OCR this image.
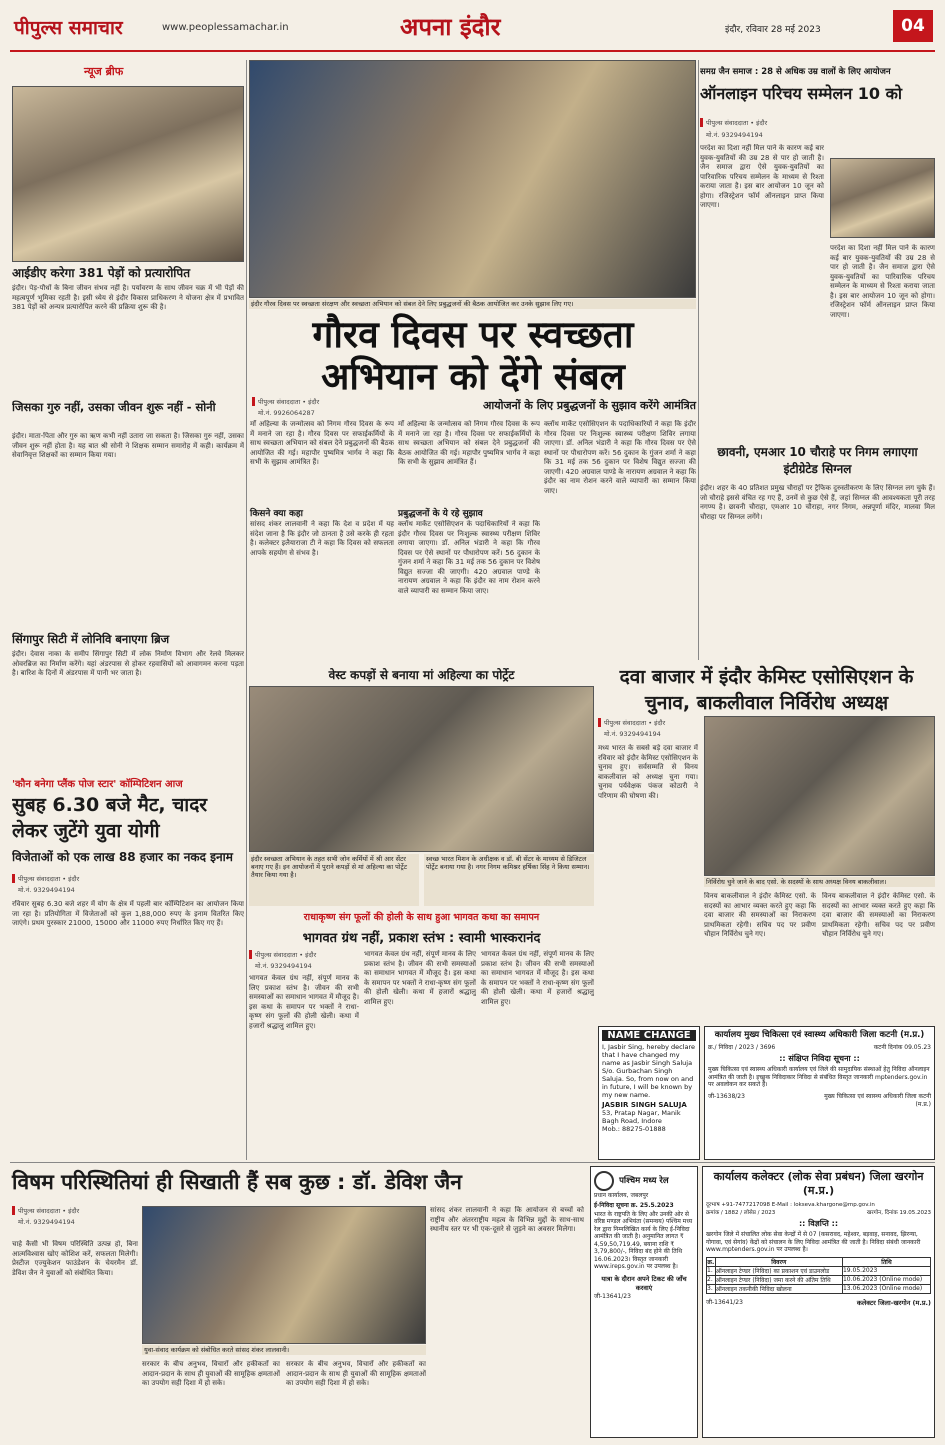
पीपुल्स समाचार	www.peoplessamachar.in	अपना इंदौर	इंदौर, रविवार 28 मई 2023	04
न्यूज ब्रीफ
आईडीए करेगा 381 पेड़ों को प्रत्यारोपित
इंदौर। पेड़-पौधों के बिना जीवन संभव नहीं है। पर्यावरण के साथ जीवन चक्र में भी पेड़ों की महत्वपूर्ण भूमिका रहती है। इसी ध्येय से इंदौर विकास प्राधिकरण ने योजना क्षेत्र में प्रभावित 381 पेड़ों को अन्यत्र प्रत्यारोपित करने की प्रक्रिया शुरू की है।
जिसका गुरु नहीं, उसका जीवन शुरू नहीं - सोनी
इंदौर। माता-पिता और गुरु का ऋण कभी नहीं उतारा जा सकता है। जिसका गुरु नहीं, उसका जीवन शुरू नहीं होता है। यह बात श्री सोनी ने शिक्षक सम्मान समारोह में कही। कार्यक्रम में सेवानिवृत्त शिक्षकों का सम्मान किया गया।
सिंगापुर सिटी में लोनिवि बनाएगा ब्रिज
इंदौर। देवास नाका के समीप सिंगापुर सिटी में लोक निर्माण विभाग और रेलवे मिलकर ओवरब्रिज का निर्माण करेंगे। यहां अंडरपास से होकर रहवासियों को आवागमन करना पड़ता है। बारिश के दिनों में अंडरपास में पानी भर जाता है।
'कौन बनेगा प्लैंक पोज स्टार' कॉम्पिटिशन आज
सुबह 6.30 बजे मैट, चादर लेकर जुटेंगे युवा योगी
विजेताओं को एक लाख 88 हजार का नकद इनाम
पीपुल्स संवाददाता • इंदौर
मो.नं. 9329494194
रविवार सुबह 6.30 बजे शहर में योग के क्षेत्र में पहली बार कॉम्पिटिशन का आयोजन किया जा रहा है। प्रतियोगिता में विजेताओं को कुल 1,88,000 रुपए के इनाम वितरित किए जाएंगे। प्रथम पुरस्कार 21000, 15000 और 11000 रुपए निर्धारित किए गए हैं।
इंदौर गौरव दिवस पर स्वच्छता संरक्षण और स्वच्छता अभियान को संबल देने लिए प्रबुद्धजनों की बैठक आयोजित कर उनके सुझाव लिए गए।
गौरव दिवस पर स्वच्छता अभियान को देंगे संबल
पीपुल्स संवाददाता • इंदौर
मो.नं. 9926064287
आयोजनों के लिए प्रबुद्धजनों के सुझाव करेंगे आमंत्रित
माँ अहिल्या के जन्मोत्सव को निगम गौरव दिवस के रूप में मनाने जा रहा है। गौरव दिवस पर सफाईकर्मियों के साथ स्वच्छता अभियान को संबल देने प्रबुद्धजनों की बैठक आयोजित की गई। महापौर पुष्यमित्र भार्गव ने कहा कि सभी के सुझाव आमंत्रित हैं।
किसने क्या कहा
सांसद शंकर लालवानी ने कहा कि देश व प्रदेश में यह संदेश जाना है कि इंदौर जो ठानता है उसे करके ही रहता है। कलेक्टर इलैयाराजा टी ने कहा कि दिवस को सफलता आपके सहयोग से संभव है।
माँ अहिल्या के जन्मोत्सव को निगम गौरव दिवस के रूप में मनाने जा रहा है। गौरव दिवस पर सफाईकर्मियों के साथ स्वच्छता अभियान को संबल देने प्रबुद्धजनों की बैठक आयोजित की गई। महापौर पुष्यमित्र भार्गव ने कहा कि सभी के सुझाव आमंत्रित हैं।
प्रबुद्धजनों के ये रहे सुझाव
क्लॉथ मार्केट एसोसिएशन के पदाधिकारियों ने कहा कि इंदौर गौरव दिवस पर निःशुल्क स्वास्थ्य परीक्षण शिविर लगाया जाएगा। डॉ. अनिल भंडारी ने कहा कि गौरव दिवस पर ऐसे स्थानों पर पौधारोपण करें। 56 दुकान के गुंजन शर्मा ने कहा कि 31 मई तक 56 दुकान पर विशेष विद्युत सज्जा की जाएगी। 420 अग्रवाल पाण्डे के नारायण अग्रवाल ने कहा कि इंदौर का नाम रोशन करने वाले व्यापारी का सम्मान किया जाए।
क्लॉथ मार्केट एसोसिएशन के पदाधिकारियों ने कहा कि इंदौर गौरव दिवस पर निःशुल्क स्वास्थ्य परीक्षण शिविर लगाया जाएगा। डॉ. अनिल भंडारी ने कहा कि गौरव दिवस पर ऐसे स्थानों पर पौधारोपण करें। 56 दुकान के गुंजन शर्मा ने कहा कि 31 मई तक 56 दुकान पर विशेष विद्युत सज्जा की जाएगी। 420 अग्रवाल पाण्डे के नारायण अग्रवाल ने कहा कि इंदौर का नाम रोशन करने वाले व्यापारी का सम्मान किया जाए।
समग्र जैन समाज : 28 से अधिक उम्र वालों के लिए आयोजन
ऑनलाइन परिचय सम्मेलन 10 को
पीपुल्स संवाददाता • इंदौर
मो.नं. 9329494194
परदेश का दिशा नहीं मिल पाने के कारण कई बार युवक-युवतियों की उम्र 28 से पार हो जाती है। जैन समाज द्वारा ऐसे युवक-युवतियों का पारिवारिक परिचय सम्मेलन के माध्यम से रिश्ता कराया जाता है। इस बार आयोजन 10 जून को होगा। रजिस्ट्रेशन फॉर्म ऑनलाइन प्राप्त किया जाएगा।
परदेश का दिशा नहीं मिल पाने के कारण कई बार युवक-युवतियों की उम्र 28 से पार हो जाती है। जैन समाज द्वारा ऐसे युवक-युवतियों का पारिवारिक परिचय सम्मेलन के माध्यम से रिश्ता कराया जाता है। इस बार आयोजन 10 जून को होगा। रजिस्ट्रेशन फॉर्म ऑनलाइन प्राप्त किया जाएगा।
छावनी, एमआर 10 चौराहे पर निगम लगाएगा इंटीग्रेटेड सिग्नल
इंदौर। शहर के 40 प्रतिशत प्रमुख चौराहों पर ट्रैफिक दुरुस्तीकरण के लिए सिग्नल लग चुके हैं। जो चौराहे इससे वंचित रह गए हैं, उनमें से कुछ ऐसे हैं, जहां सिग्नल की आवश्यकता पूरी तरह नगण्य है। छावनी चौराहा, एमआर 10 चौराहा, नगर निगम, अन्नपूर्णा मंदिर, मालवा मिल चौराहा पर सिग्नल लगेंगे।
वेस्ट कपड़ों से बनाया मां अहिल्या का पोर्ट्रेट
इंदौर स्वच्छता अभियान के तहत सभी जोन कर्मियों में श्री आर सेंटर बनाए गए हैं। इन आयोजनों में पुराने कपड़ों से मां अहिल्या का पोर्ट्रेट तैयार किया गया है।
स्वच्छ भारत मिशन के अधीक्षक व डॉ. बी सेंटर के माध्यम से डिजिटल पोर्ट्रेट बनाया गया है। नगर निगम कमिश्नर हर्षिका सिंह ने किया सम्मान।
दवा बाजार में इंदौर केमिस्ट एसोसिएशन के चुनाव, बाकलीवाल निर्विरोध अध्यक्ष
पीपुल्स संवाददाता • इंदौर
मो.नं. 9329494194
मध्य भारत के सबसे बड़े दवा बाजार में रविवार को इंदौर केमिस्ट एसोसिएशन के चुनाव हुए। सर्वसम्मति से विनय बाकलीवाल को अध्यक्ष चुना गया। चुनाव पर्यवेक्षक पंकज कोठारी ने परिणाम की घोषणा की।
निर्विरोध चुने जाने के बाद एसो. के सदस्यों के साथ अध्यक्ष विनय बाकलीवाल।
विनय बाकलीवाल ने इंदौर केमिस्ट एसो. के सदस्यों का आभार व्यक्त करते हुए कहा कि दवा बाजार की समस्याओं का निराकरण प्राथमिकता रहेगी। सचिव पद पर प्रवीण चौहान निर्विरोध चुने गए।
विनय बाकलीवाल ने इंदौर केमिस्ट एसो. के सदस्यों का आभार व्यक्त करते हुए कहा कि दवा बाजार की समस्याओं का निराकरण प्राथमिकता रहेगी। सचिव पद पर प्रवीण चौहान निर्विरोध चुने गए।
राधाकृष्ण संग फूलों की होली के साथ हुआ भागवत कथा का समापन
भागवत ग्रंथ नहीं, प्रकाश स्तंभ : स्वामी भास्करानंद
पीपुल्स संवाददाता • इंदौर
मो.नं. 9329494194
भागवत केवल ग्रंथ नहीं, संपूर्ण मानव के लिए प्रकाश स्तंभ है। जीवन की सभी समस्याओं का समाधान भागवत में मौजूद है। इस कथा के समापन पर भक्तों ने राधा-कृष्ण संग फूलों की होली खेली। कथा में हजारों श्रद्धालु शामिल हुए।
भागवत केवल ग्रंथ नहीं, संपूर्ण मानव के लिए प्रकाश स्तंभ है। जीवन की सभी समस्याओं का समाधान भागवत में मौजूद है। इस कथा के समापन पर भक्तों ने राधा-कृष्ण संग फूलों की होली खेली। कथा में हजारों श्रद्धालु शामिल हुए।
भागवत केवल ग्रंथ नहीं, संपूर्ण मानव के लिए प्रकाश स्तंभ है। जीवन की सभी समस्याओं का समाधान भागवत में मौजूद है। इस कथा के समापन पर भक्तों ने राधा-कृष्ण संग फूलों की होली खेली। कथा में हजारों श्रद्धालु शामिल हुए।
NAME CHANGE
I, Jasbir Sing, hereby declare that I have changed my name as Jasbir Singh Saluja S/o. Gurbachan Singh Saluja. So, from now on and in future, I will be known by my new name.
JASBIR SINGH SALUJA
53, Pratap Nagar, Manik Bagh Road, Indore
Mob.: 88275-01888
कार्यालय मुख्य चिकित्सा एवं स्वास्थ्य अधिकारी जिला कटनी (म.प्र.)
क्र./ निविदा / 2023 / 3696	कटनी दिनांक 09.05.23
:: संक्षिप्त निविदा सूचना ::
मुख्य चिकित्सा एवं स्वास्थ्य अधिकारी कार्यालय एवं जिले की सामुदायिक संस्थाओं हेतु निविदा ऑनलाइन आमंत्रित की जाती है। इच्छुक निविदाकार निविदा से संबंधित विस्तृत जानकारी mptenders.gov.in पर अवलोकन कर सकते हैं।
जी-13638/23	मुख्य चिकित्सा एवं स्वास्थ्य अधिकारी जिला कटनी (म.प्र.)
विषम परिस्थितियां ही सिखाती हैं सब कुछ : डॉ. डेविश जैन
पीपुल्स संवाददाता • इंदौर
मो.नं. 9329494194
चाहे कैसी भी विषम परिस्थिति उत्पन्न हो, बिना आत्मविश्वास खोए कोशिश करें, सफलता मिलेगी। प्रेस्टीज एज्युकेशन फाउंडेशन के चेयरमैन डॉ. डेविश जैन ने युवाओं को संबोधित किया।
युवा-संवाद कार्यक्रम को संबोधित करते सांसद शंकर लालवानी।
सरकार के बीच अनुभव, विचारों और हकीकतों का आदान-प्रदान के साथ ही युवाओं की सामूहिक क्षमताओं का उपयोग सही दिशा में हो सके।
सरकार के बीच अनुभव, विचारों और हकीकतों का आदान-प्रदान के साथ ही युवाओं की सामूहिक क्षमताओं का उपयोग सही दिशा में हो सके।
सांसद शंकर लालवानी ने कहा कि आयोजन से बच्चों को राष्ट्रीय और अंतरराष्ट्रीय महत्व के विभिन्न मुद्दों के साथ-साथ स्थानीय स्तर पर भी एक-दूसरे से जुड़ने का अवसर मिलेगा।
पश्चिम मध्य रेल
प्रधान कार्यालय, जबलपुर
ई-निविदा सूचना क्र. 25.5.2023
भारत के राष्ट्रपति के लिए और उनकी ओर से वरिष्ठ मण्डल अभियंता (समन्वय) पश्चिम मध्य रेल द्वारा निम्नलिखित कार्य के लिए ई-निविदा आमंत्रित की जाती है। अनुमानित लागत ₹ 4,59,50,719.49, बयाना राशि ₹ 3,79,800/-, निविदा बंद होने की तिथि 16.06.2023। विस्तृत जानकारी www.ireps.gov.in पर उपलब्ध है।
यात्रा के दौरान अपने टिकट की जाँच करवाएं
जी-13641/23
कार्यालय कलेक्टर (लोक सेवा प्रबंधन) जिला खरगोन (म.प्र.)
दूरभाष +91-7477217098 E-Mail : lokseva.khargone@mp.gov.in
क्रमांक / 1882 / लोसेप्र / 2023	खरगोन, दिनांक 19.05.2023
:: विज्ञप्ति ::
खरगोन जिले में संचालित लोक सेवा केन्द्रों में से 07 (कसरावद, महेश्वर, बड़वाह, सनावद, झिरन्या, गोगावा, एवं सेगांव) केंद्रों को संचालन के लिए निविदा आमंत्रित की जाती है। निविदा संबंधी जानकारी www.mptenders.gov.in पर उपलब्ध है।
क्र.	विवरण	तिथि
1.	ऑनलाइन टेण्डर (निविदा) का प्रकाशन एवं डाउनलोड	19.05.2023
2.	ऑनलाइन टेण्डर (निविदा) जमा करने की अंतिम तिथि	10.06.2023 (Online mode)
3.	ऑनलाइन तकनीकी निविदा खोलना	13.06.2023 (Online mode)
जी-13641/23	कलेक्टर जिला-खरगोन (म.प्र.)
